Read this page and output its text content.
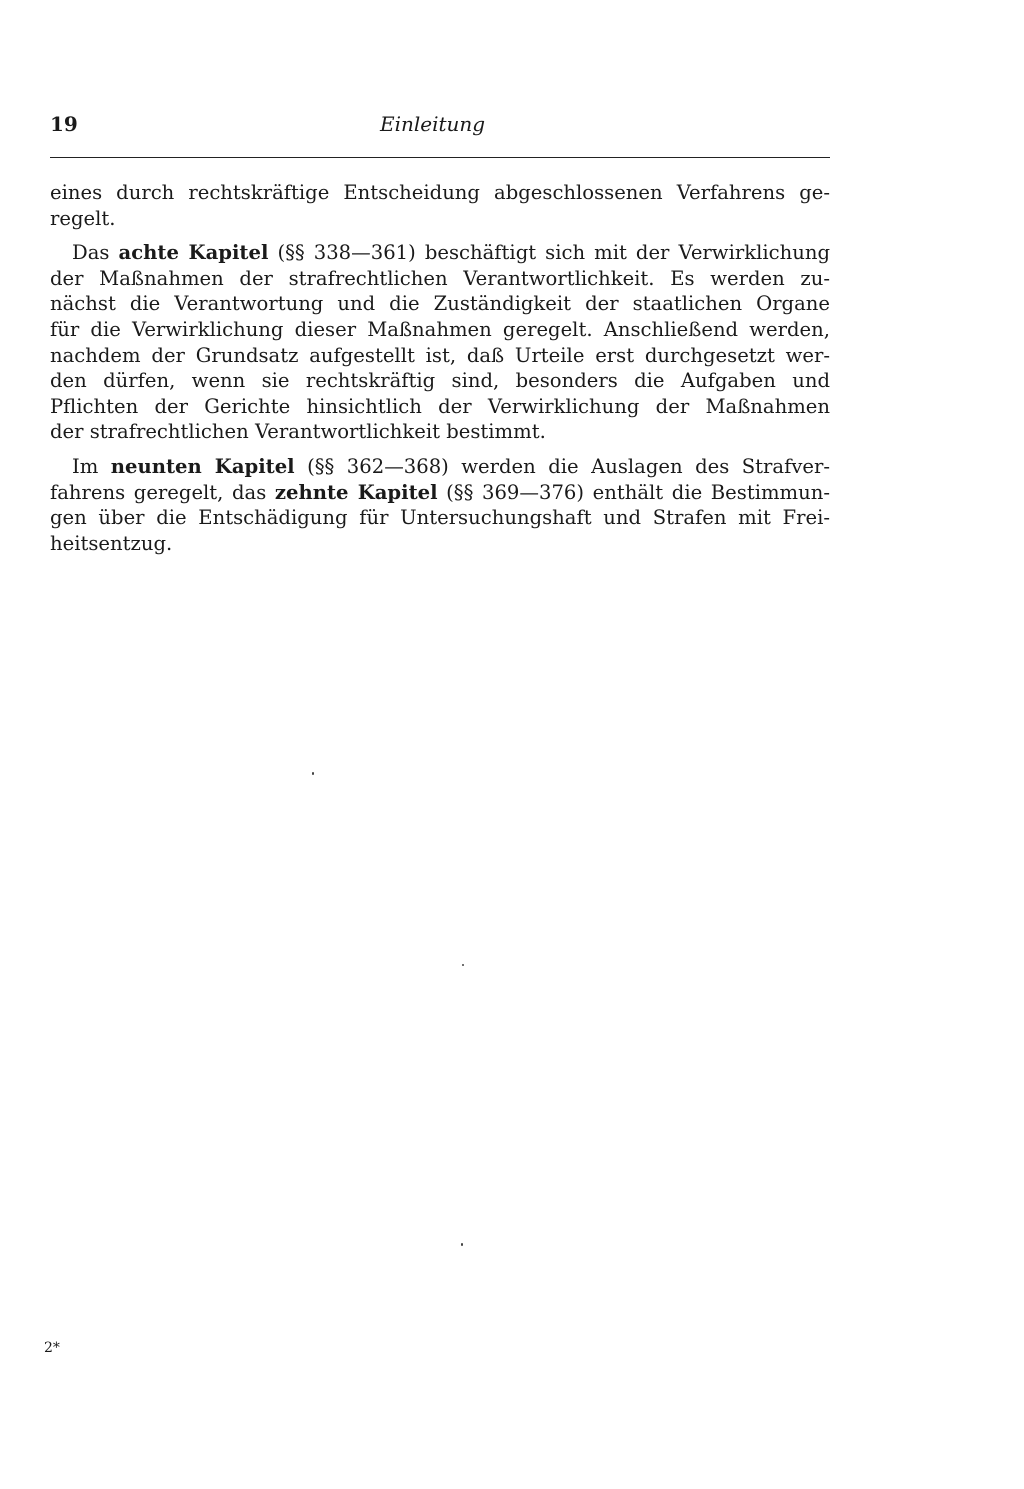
19	Einleitung

eines durch rechtskräftige Entscheidung abgeschlossenen Verfahrens ge-
regelt.

Das achte Kapitel (§§ 338—361) beschäftigt sich mit der Verwirklichung
der Maßnahmen der strafrechtlichen Verantwortlichkeit. Es werden zu-
nächst die Verantwortung und die Zuständigkeit der staatlichen Organe
für die Verwirklichung dieser Maßnahmen geregelt. Anschließend werden,
nachdem der Grundsatz aufgestellt ist, daß Urteile erst durchgesetzt wer-
den dürfen, wenn sie rechtskräftig sind, besonders die Aufgaben und
Pflichten der Gerichte hinsichtlich der Verwirklichung der Maßnahmen
der strafrechtlichen Verantwortlichkeit bestimmt.

Im neunten Kapitel (§§ 362—368) werden die Auslagen des Strafver-
fahrens geregelt, das zehnte Kapitel (§§ 369—376) enthält die Bestimmun-
gen über die Entschädigung für Untersuchungshaft und Strafen mit Frei-
heitsentzug.

2*
